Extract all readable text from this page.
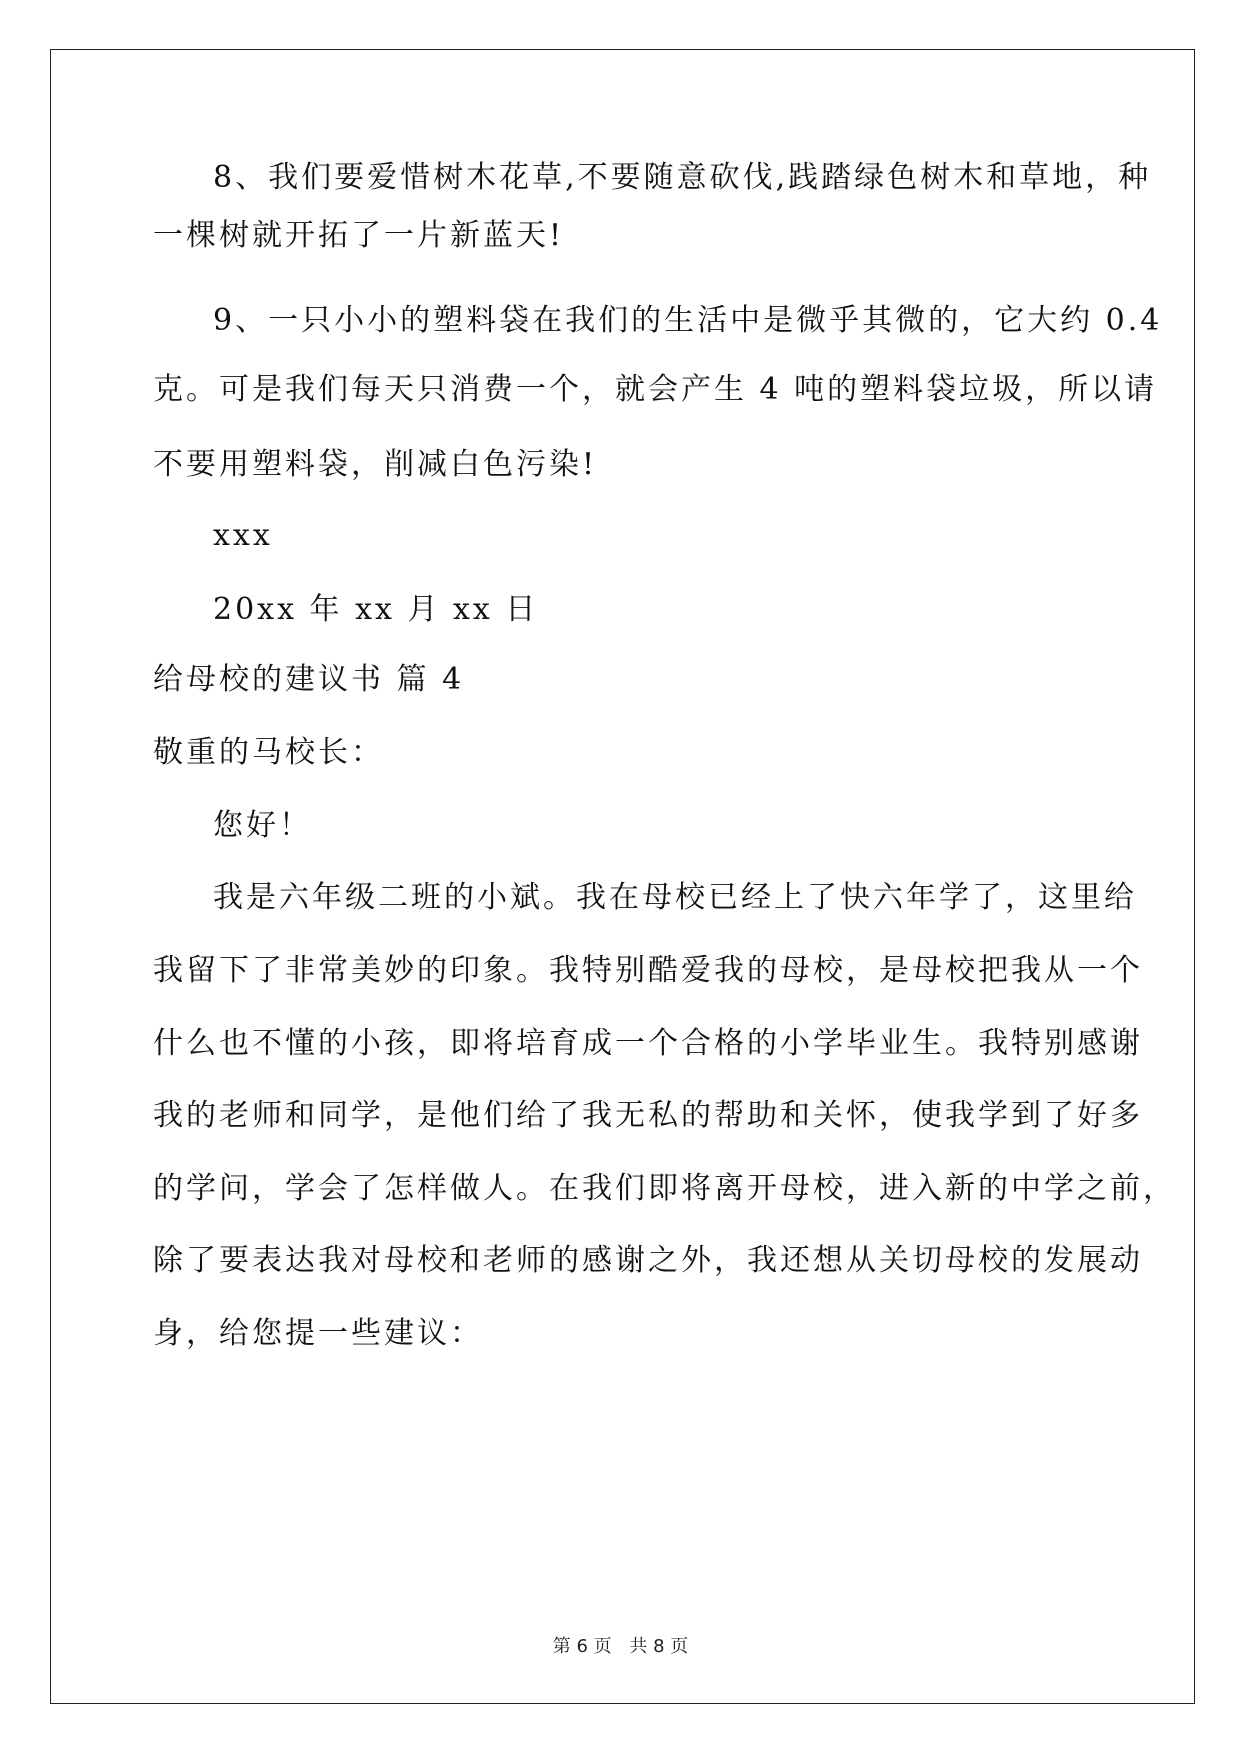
8、我们要爱惜树木花草,不要随意砍伐,践踏绿色树木和草地，种
一棵树就开拓了一片新蓝天!
9、一只小小的塑料袋在我们的生活中是微乎其微的，它大约 0.4
克。可是我们每天只消费一个，就会产生 4 吨的塑料袋垃圾，所以请
不要用塑料袋，削减白色污染!
xxx
20xx 年 xx 月 xx 日
给母校的建议书 篇 4
敬重的马校长：
您好！
我是六年级二班的小斌。我在母校已经上了快六年学了，这里给
我留下了非常美妙的印象。我特别酷爱我的母校，是母校把我从一个
什么也不懂的小孩，即将培育成一个合格的小学毕业生。我特别感谢
我的老师和同学，是他们给了我无私的帮助和关怀，使我学到了好多
的学问，学会了怎样做人。在我们即将离开母校，进入新的中学之前，
除了要表达我对母校和老师的感谢之外，我还想从关切母校的发展动
身，给您提一些建议：
第 6 页 共 8 页
